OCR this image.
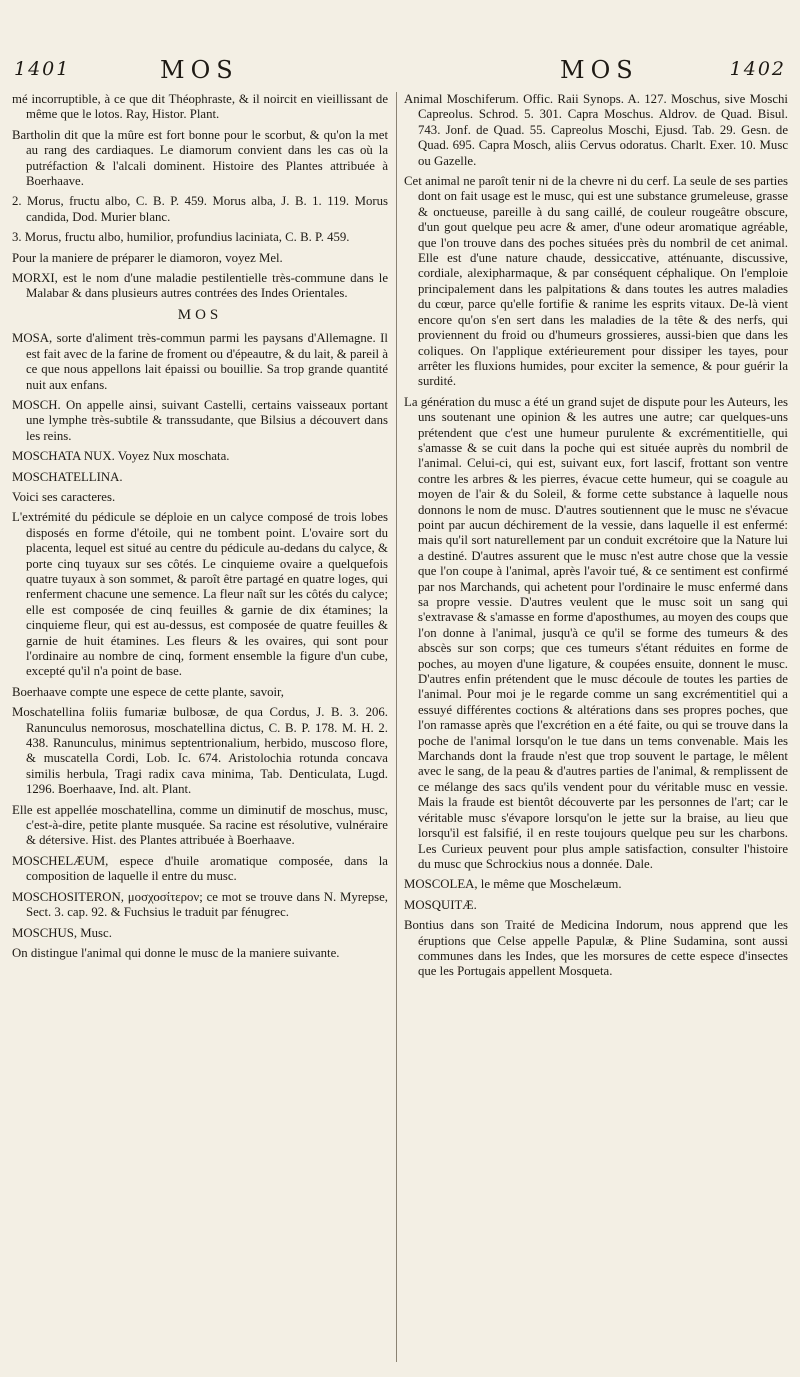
1401	MOS	MOS	1402

mé incorruptible, à ce que dit Théophraste, & il noircit en vieillissant de même que le lotos. Ray, Histor. Plant.

Bartholin dit que la mûre est fort bonne pour le scorbut, & qu'on la met au rang des cardiaques. Le diamorum convient dans les cas où la putréfaction & l'alcali dominent. Histoire des Plantes attribuée à Boerhaave.

2. Morus, fructu albo, C. B. P. 459. Morus alba, J. B. 1. 119. Morus candida, Dod. Murier blanc.

3. Morus, fructu albo, humilior, profundius laciniata, C. B. P. 459.

Pour la maniere de préparer le diamoron, voyez Mel.

MORXI, est le nom d'une maladie pestilentielle très-commune dans le Malabar & dans plusieurs autres contrées des Indes Orientales.

MOS

MOSA, sorte d'aliment très-commun parmi les paysans d'Allemagne. Il est fait avec de la farine de froment ou d'épeautre, & du lait, & pareil à ce que nous appellons lait épaissi ou bouillie. Sa trop grande quantité nuit aux enfans.

MOSCH. On appelle ainsi, suivant Castelli, certains vaisseaux portant une lymphe très-subtile & transsudante, que Bilsius a découvert dans les reins.

MOSCHATA NUX. Voyez Nux moschata.

MOSCHATELLINA.

Voici ses caracteres.

L'extrémité du pédicule se déploie en un calyce composé de trois lobes disposés en forme d'étoile, qui ne tombent point. L'ovaire sort du placenta, lequel est situé au centre du pédicule au-dedans du calyce, & porte cinq tuyaux sur ses côtés. Le cinquieme ovaire a quelquefois quatre tuyaux à son sommet, & paroît être partagé en quatre loges, qui renferment chacune une semence. La fleur naît sur les côtés du calyce; elle est composée de cinq feuilles & garnie de dix étamines; la cinquieme fleur, qui est au-dessus, est composée de quatre feuilles & garnie de huit étamines. Les fleurs & les ovaires, qui sont pour l'ordinaire au nombre de cinq, forment ensemble la figure d'un cube, excepté qu'il n'a point de base.

Boerhaave compte une espece de cette plante, savoir,

Moschatellina foliis fumariæ bulbosæ, de qua Cordus, J. B. 3. 206. Ranunculus nemorosus, moschatellina dictus, C. B. P. 178. M. H. 2. 438. Ranunculus, minimus septentrionalium, herbido, muscoso flore, & muscatella Cordi, Lob. Ic. 674. Aristolochia rotunda concava similis herbula, Tragi radix cava minima, Tab. Denticulata, Lugd. 1296. Boerhaave, Ind. alt. Plant.

Elle est appellée moschatellina, comme un diminutif de moschus, musc, c'est-à-dire, petite plante musquée. Sa racine est résolutive, vulnéraire & détersive. Hist. des Plantes attribuée à Boerhaave.

MOSCHELÆUM, espece d'huile aromatique composée, dans la composition de laquelle il entre du musc.

MOSCHOSITERON, μοσχοσίτερον; ce mot se trouve dans N. Myrepse, Sect. 3. cap. 92. & Fuchsius le traduit par fénugrec.

MOSCHUS, Musc.

On distingue l'animal qui donne le musc de la maniere suivante.

Animal Moschiferum. Offic. Raii Synops. A. 127. Moschus, sive Moschi Capreolus. Schrod. 5. 301. Capra Moschus. Aldrov. de Quad. Bisul. 743. Jonf. de Quad. 55. Capreolus Moschi, Ejusd. Tab. 29. Gesn. de Quad. 695. Capra Mosch, aliis Cervus odoratus. Charlt. Exer. 10. Musc ou Gazelle.

Cet animal ne paroît tenir ni de la chevre ni du cerf. La seule de ses parties dont on fait usage est le musc, qui est une substance grumeleuse, grasse & onctueuse, pareille à du sang caillé, de couleur rougeâtre obscure, d'un gout quelque peu acre & amer, d'une odeur aromatique agréable, que l'on trouve dans des poches situées près du nombril de cet animal. Elle est d'une nature chaude, dessiccative, atténuante, discussive, cordiale, alexipharmaque, & par conséquent céphalique. On l'emploie principalement dans les palpitations & dans toutes les autres maladies du cœur, parce qu'elle fortifie & ranime les esprits vitaux. De-là vient encore qu'on s'en sert dans les maladies de la tête & des nerfs, qui proviennent du froid ou d'humeurs grossieres, aussi-bien que dans les coliques. On l'applique extérieurement pour dissiper les tayes, pour arrêter les fluxions humides, pour exciter la semence, & pour guérir la surdité.

La génération du musc a été un grand sujet de dispute pour les Auteurs, les uns soutenant une opinion & les autres une autre; car quelques-uns prétendent que c'est une humeur purulente & excrémentitielle, qui s'amasse & se cuit dans la poche qui est située auprès du nombril de l'animal. Celui-ci, qui est, suivant eux, fort lascif, frottant son ventre contre les arbres & les pierres, évacue cette humeur, qui se coagule au moyen de l'air & du Soleil, & forme cette substance à laquelle nous donnons le nom de musc. D'autres soutiennent que le musc ne s'évacue point par aucun déchirement de la vessie, dans laquelle il est enfermé: mais qu'il sort naturellement par un conduit excrétoire que la Nature lui a destiné. D'autres assurent que le musc n'est autre chose que la vessie que l'on coupe à l'animal, après l'avoir tué, & ce sentiment est confirmé par nos Marchands, qui achetent pour l'ordinaire le musc enfermé dans sa propre vessie. D'autres veulent que le musc soit un sang qui s'extravase & s'amasse en forme d'aposthumes, au moyen des coups que l'on donne à l'animal, jusqu'à ce qu'il se forme des tumeurs & des abscès sur son corps; que ces tumeurs s'étant réduites en forme de poches, au moyen d'une ligature, & coupées ensuite, donnent le musc. D'autres enfin prétendent que le musc découle de toutes les parties de l'animal. Pour moi je le regarde comme un sang excrémentitiel qui a essuyé différentes coctions & altérations dans ses propres poches, que l'on ramasse après que l'excrétion en a été faite, ou qui se trouve dans la poche de l'animal lorsqu'on le tue dans un tems convenable. Mais les Marchands dont la fraude n'est que trop souvent le partage, le mêlent avec le sang, de la peau & d'autres parties de l'animal, & remplissent de ce mélange des sacs qu'ils vendent pour du véritable musc en vessie. Mais la fraude est bientôt découverte par les personnes de l'art; car le véritable musc s'évapore lorsqu'on le jette sur la braise, au lieu que lorsqu'il est falsifié, il en reste toujours quelque peu sur les charbons. Les Curieux peuvent pour plus ample satisfaction, consulter l'histoire du musc que Schrockius nous a donnée. Dale.

MOSCOLEA, le même que Moschelæum.

MOSQUITÆ.

Bontius dans son Traité de Medicina Indorum, nous apprend que les éruptions que Celse appelle Papulæ, & Pline Sudamina, sont aussi communes dans les Indes, que les morsures de cette espece d'insectes que les Portugais appellent Mosqueta.
